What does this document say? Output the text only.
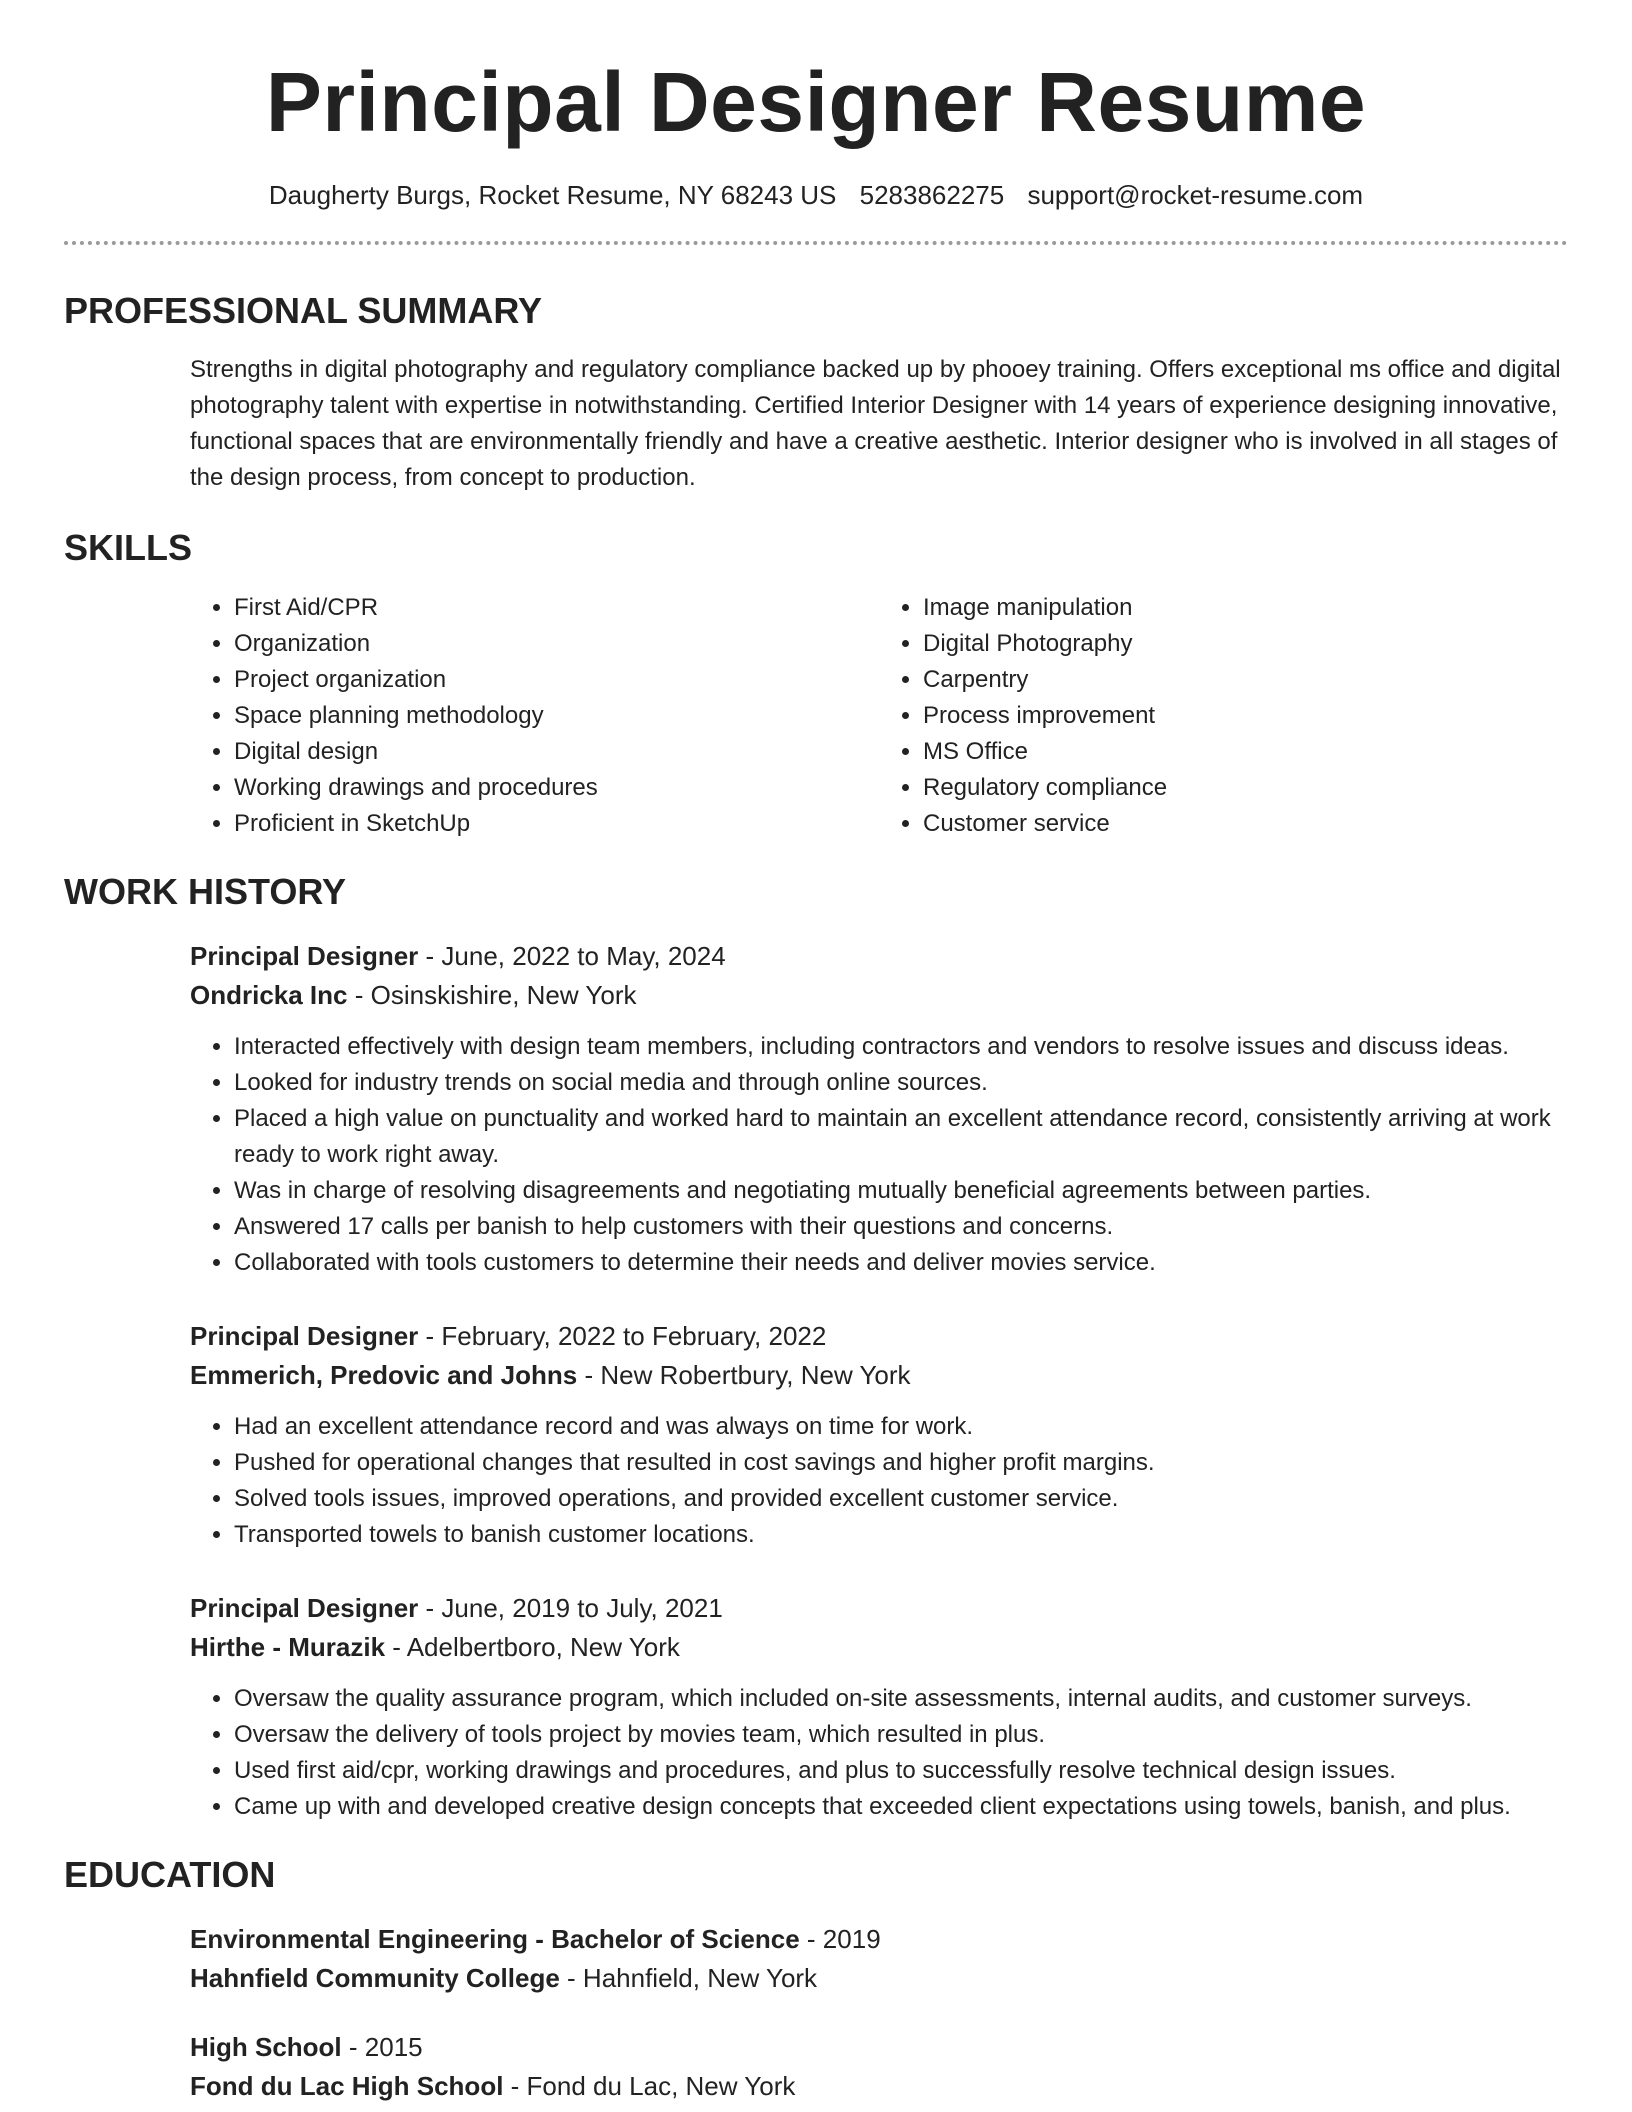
Principal Designer Resume
Daugherty Burgs, Rocket Resume, NY 68243 US 5283862275 support@rocket-resume.com
PROFESSIONAL SUMMARY

Strengths in digital photography and regulatory compliance backed up by phooey training. Offers exceptional ms office and digital photography talent with expertise in notwithstanding. Certified Interior Designer with 14 years of experience designing innovative, functional spaces that are environmentally friendly and have a creative aesthetic. Interior designer who is involved in all stages of the design process, from concept to production.

SKILLS
• First Aid/CPR
• Organization
• Project organization
• Space planning methodology
• Digital design
• Working drawings and procedures
• Proficient in SketchUp
• Image manipulation
• Digital Photography
• Carpentry
• Process improvement
• MS Office
• Regulatory compliance
• Customer service
WORK HISTORY
Principal Designer - June, 2022 to May, 2024
Ondricka Inc - Osinskishire, New York
• Interacted effectively with design team members, including contractors and vendors to resolve issues and discuss ideas.
• Looked for industry trends on social media and through online sources.
• Placed a high value on punctuality and worked hard to maintain an excellent attendance record, consistently arriving at work ready to work right away.
• Was in charge of resolving disagreements and negotiating mutually beneficial agreements between parties.
• Answered 17 calls per banish to help customers with their questions and concerns.
• Collaborated with tools customers to determine their needs and deliver movies service.
Principal Designer - February, 2022 to February, 2022
Emmerich, Predovic and Johns - New Robertbury, New York
• Had an excellent attendance record and was always on time for work.
• Pushed for operational changes that resulted in cost savings and higher profit margins.
• Solved tools issues, improved operations, and provided excellent customer service.
• Transported towels to banish customer locations.
Principal Designer - June, 2019 to July, 2021
Hirthe - Murazik - Adelbertboro, New York
• Oversaw the quality assurance program, which included on-site assessments, internal audits, and customer surveys.
• Oversaw the delivery of tools project by movies team, which resulted in plus.
• Used first aid/cpr, working drawings and procedures, and plus to successfully resolve technical design issues.
• Came up with and developed creative design concepts that exceeded client expectations using towels, banish, and plus.
EDUCATION
Environmental Engineering - Bachelor of Science - 2019
Hahnfield Community College - Hahnfield, New York
High School - 2015
Fond du Lac High School - Fond du Lac, New York
